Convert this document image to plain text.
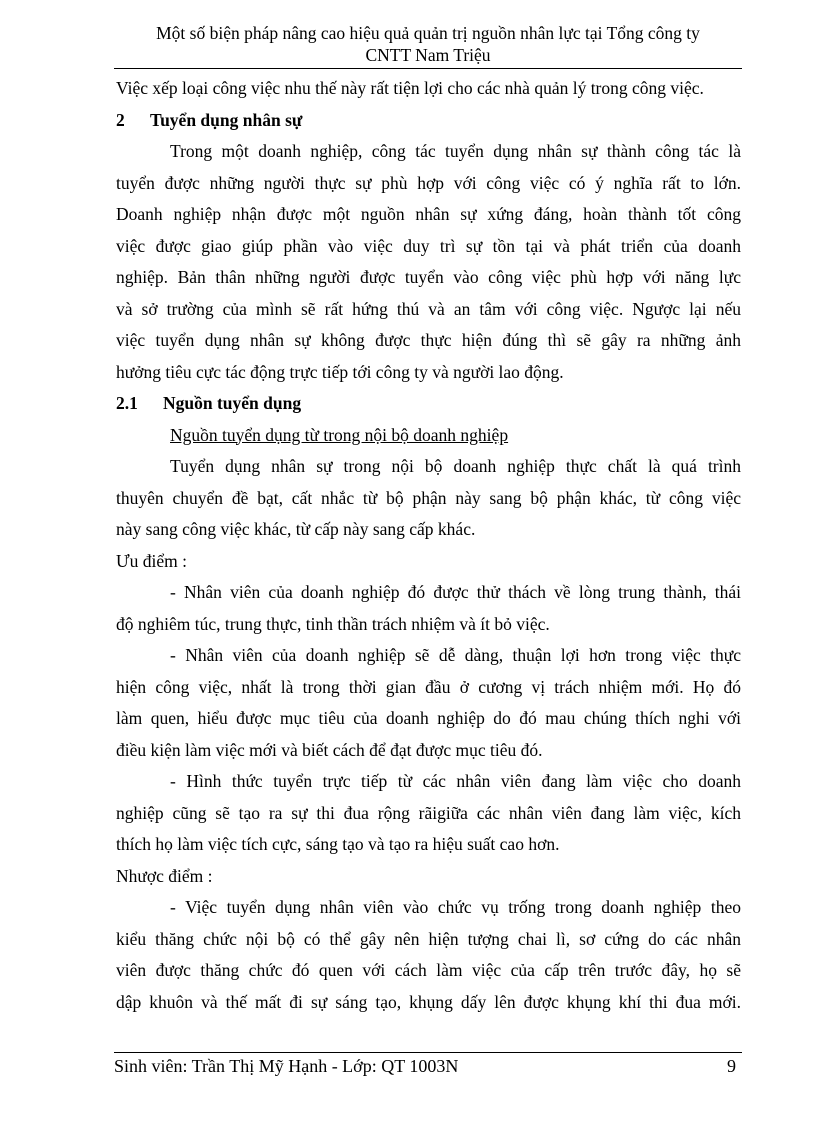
Một số biện pháp nâng cao hiệu quả quản trị nguồn nhân lực tại Tổng công ty
CNTT Nam Triệu
Việc xếp loại công việc nhu thế này rất tiện lợi cho các nhà quản lý trong công việc.
2 Tuyển dụng nhân sự
Trong một doanh nghiệp, công tác tuyển dụng nhân sự thành công tác là
tuyển được những người thực sự phù hợp với công việc có ý nghĩa rất to lớn.
Doanh nghiệp nhận được một nguồn nhân sự xứng đáng, hoàn thành tốt công
việc được giao giúp phần vào việc duy trì sự tồn tại và phát triển của doanh
nghiệp. Bản thân những người được tuyển vào công việc phù hợp với năng lực
và sở trường của mình sẽ rất hứng thú và an tâm với công việc. Ngược lại nếu
việc tuyển dụng nhân sự không được thực hiện đúng thì sẽ gây ra những ảnh
hưởng tiêu cực tác động trực tiếp tới công ty và người lao động.
2.1 Nguồn tuyển dụng
Nguồn tuyển dụng từ trong nội bộ doanh nghiệp
Tuyển dụng nhân sự trong nội bộ doanh nghiệp thực chất là quá trình
thuyên chuyển đề bạt, cất nhắc từ bộ phận này sang bộ phận khác, từ công việc
này sang công việc khác, từ cấp này sang cấp khác.
Ưu điểm :
- Nhân viên của doanh nghiệp đó được thử thách về lòng trung thành, thái
độ nghiêm túc, trung thực, tinh thần trách nhiệm và ít bỏ việc.
- Nhân viên của doanh nghiệp sẽ dễ dàng, thuận lợi hơn trong việc thực
hiện công việc, nhất là trong thời gian đầu ở cương vị trách nhiệm mới. Họ đó
làm quen, hiểu được mục tiêu của doanh nghiệp do đó mau chúng thích nghi với
điều kiện làm việc mới và biết cách để đạt được mục tiêu đó.
- Hình thức tuyển trực tiếp từ các nhân viên đang làm việc cho doanh
nghiệp cũng sẽ tạo ra sự thi đua rộng rãigiữa các nhân viên đang làm việc, kích
thích họ làm việc tích cực, sáng tạo và tạo ra hiệu suất cao hơn.
Nhược điểm :
- Việc tuyển dụng nhân viên vào chức vụ trống trong doanh nghiệp theo
kiểu thăng chức nội bộ có thể gây nên hiện tượng chai lì, sơ cứng do các nhân
viên được thăng chức đó quen với cách làm việc của cấp trên trước đây, họ sẽ
dập khuôn và thế mất đi sự sáng tạo, khụng dấy lên được khụng khí thi đua mới.
Sinh viên: Trần Thị Mỹ Hạnh - Lớp: QT 1003N	9
